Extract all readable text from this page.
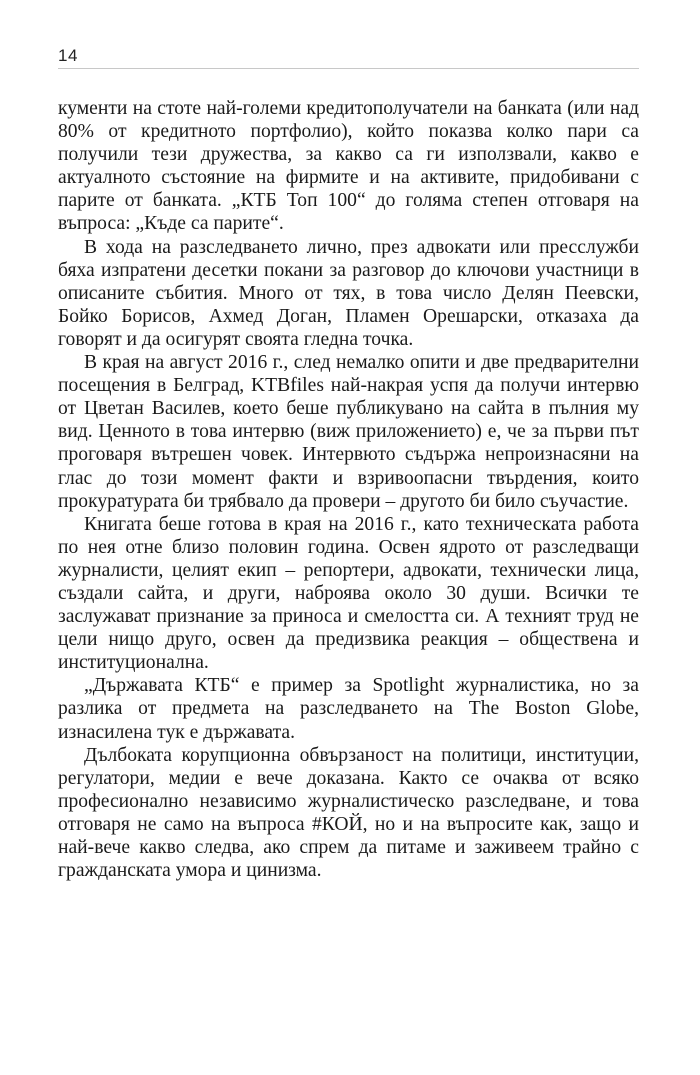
14

кументи на стоте най-големи кредитополучатели на банката (или над 80% от кредитното портфолио), който показва колко пари са получили тези дружества, за какво са ги използвали, какво е актуалното състояние на фирмите и на активите, придобивани с парите от банката. „КТБ Топ 100“ до голяма степен отговаря на въпроса: „Къде са парите“.

В хода на разследването лично, през адвокати или пресслужби бяха изпратени десетки покани за разговор до ключови участници в описаните събития. Много от тях, в това число Делян Пеевски, Бойко Борисов, Ахмед Доган, Пламен Орешарски, отказаха да говорят и да осигурят своята гледна точка.

В края на август 2016 г., след немалко опити и две предварителни посещения в Белград, KTBfiles най-накрая успя да получи интервю от Цветан Василев, което беше публикувано на сайта в пълния му вид. Ценното в това интервю (виж приложението) е, че за първи път проговаря вътрешен човек. Интервюто съдържа непроизнасяни на глас до този момент факти и взривоопасни твърдения, които прокуратурата би трябвало да провери – другото би било съучастие.

Книгата беше готова в края на 2016 г., като техническата работа по нея отне близо половин година. Освен ядрото от разследващи журналисти, целият екип – репортери, адвокати, технически лица, създали сайта, и други, наброява около 30 души. Всички те заслужават признание за приноса и смелостта си. А техният труд не цели нищо друго, освен да предизвика реакция – обществена и институционална.

„Държавата КТБ“ е пример за Spotlight журналистика, но за разлика от предмета на разследването на The Boston Globe, изнасилена тук е държавата.

Дълбоката корупционна обвързаност на политици, институции, регулатори, медии е вече доказана. Както се очаква от всяко професионално независимо журналистическо разследване, и това отговаря не само на въпроса #КОЙ, но и на въпросите как, защо и най-вече какво следва, ако спрем да питаме и заживеем трайно с гражданската умора и цинизма.
